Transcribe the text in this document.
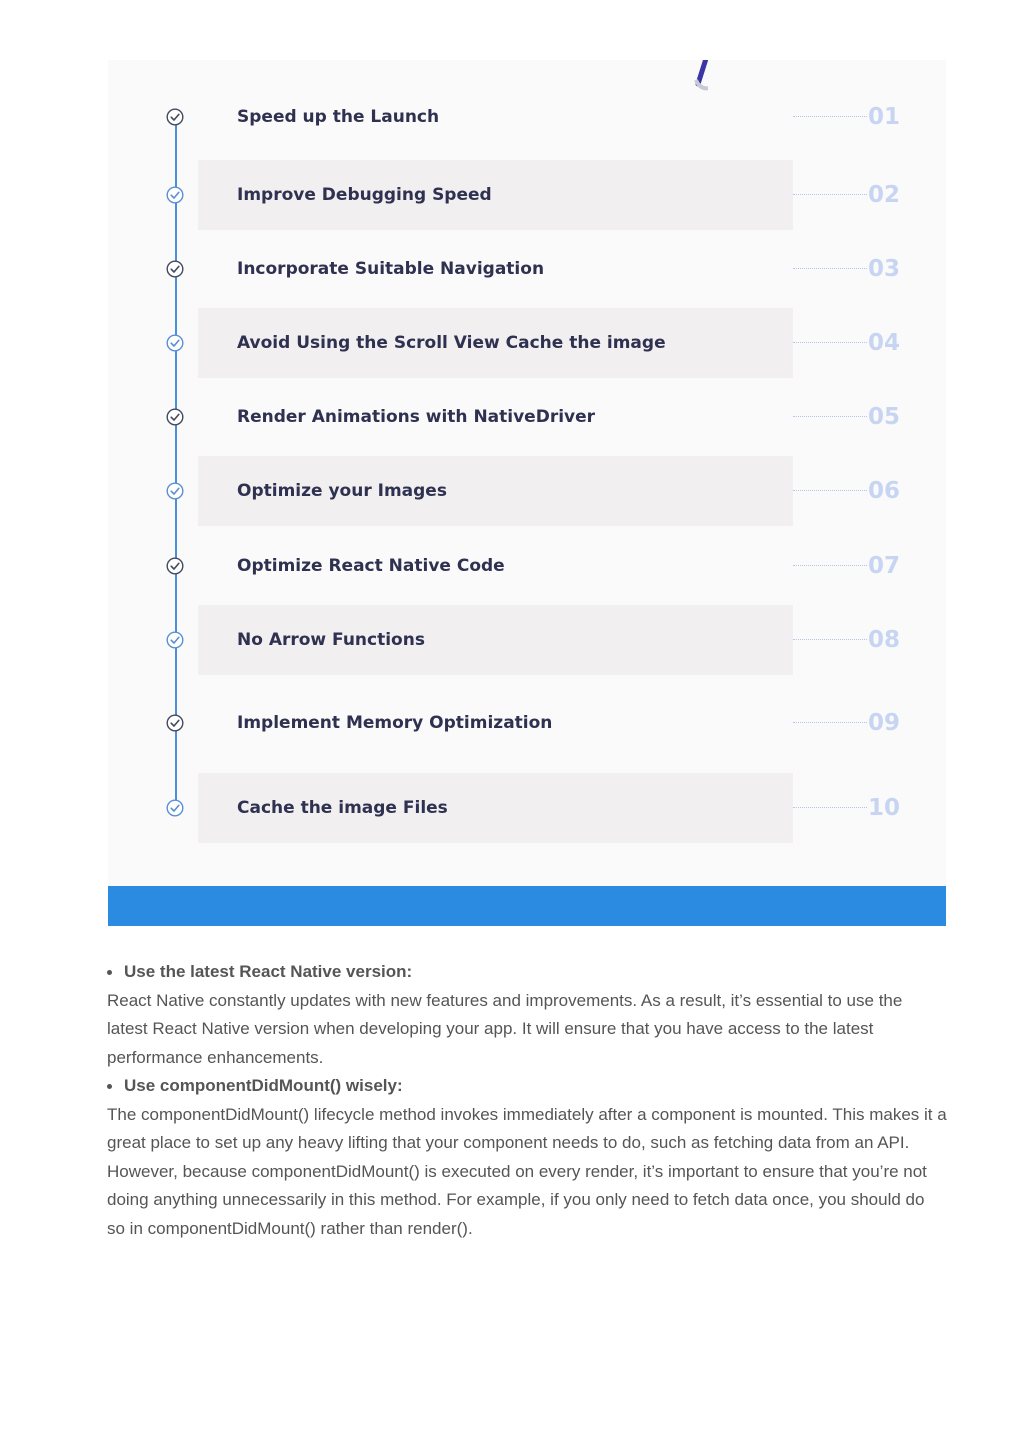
Speed up the Launch	01
Improve Debugging Speed	02
Incorporate Suitable Navigation	03
Avoid Using the Scroll View Cache the image	04
Render Animations with NativeDriver	05
Optimize your Images	06
Optimize React Native Code	07
No Arrow Functions	08
Implement Memory Optimization	09
Cache the image Files	10
Use the latest React Native version:

React Native constantly updates with new features and improvements. As a result, it’s essential to use the latest React Native version when developing your app. It will ensure that you have access to the latest performance enhancements.

Use componentDidMount() wisely:

The componentDidMount() lifecycle method invokes immediately after a component is mounted. This makes it a great place to set up any heavy lifting that your component needs to do, such as fetching data from an API.

However, because componentDidMount() is executed on every render, it’s important to ensure that you’re not doing anything unnecessarily in this method. For example, if you only need to fetch data once, you should do so in componentDidMount() rather than render().
